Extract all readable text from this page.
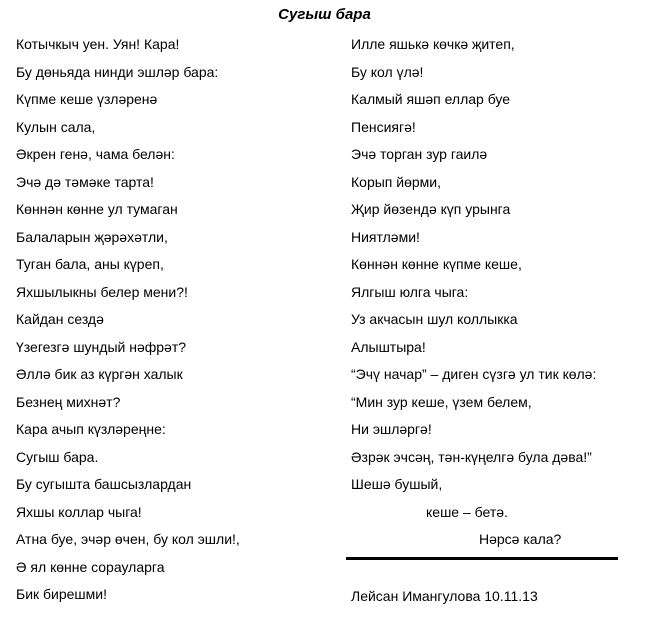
Сугыш бара
Котычкыч уен. Уян! Кара!
Бу дөньяда нинди эшләр бара:
Күпме кеше үзләренә
Кулын сала,
Әкрен генә, чама белән:
Эчә дә тәмәке тарта!
Көннән көнне ул тумаган
Балаларын җәрәхәтли,
Туган бала, аны күреп,
Яхшылыкны белер мени?!
Кайдан сездә
Үзегезгә шундый нәфрәт?
Әллә бик аз күргән халык
Безнең михнәт?
Кара ачып күзләреңне:
Сугыш бара.
Бу сугышта башсызлардан
Яхшы коллар чыга!
Атна буе, эчәр өчен, бу кол эшли!,
Ә ял көнне сорауларга
Бик бирешми!
Илле яшькә көчкә җитеп,
Бу кол үлә!
Калмый яшәп еллар буе
Пенсиягә!
Эчә торган зур гаилә
Корып йөрми,
Җир йөзендә күп урынга
Ниятләми!
Көннән көнне күпме кеше,
Ялгыш юлга чыга:
Уз акчасын шул коллыкка
Алыштыра!
“Эчү начар” – диген сүзгә ул тик көлә:
“Мин зур кеше, үзем белем,
Ни эшләргә!
Әзрәк эчсәң, тән-күңелгә була дәва!”
Шешә бушый,
кеше – бетә.
Нәрсә кала?
Лейсан Имангулова 10.11.13
